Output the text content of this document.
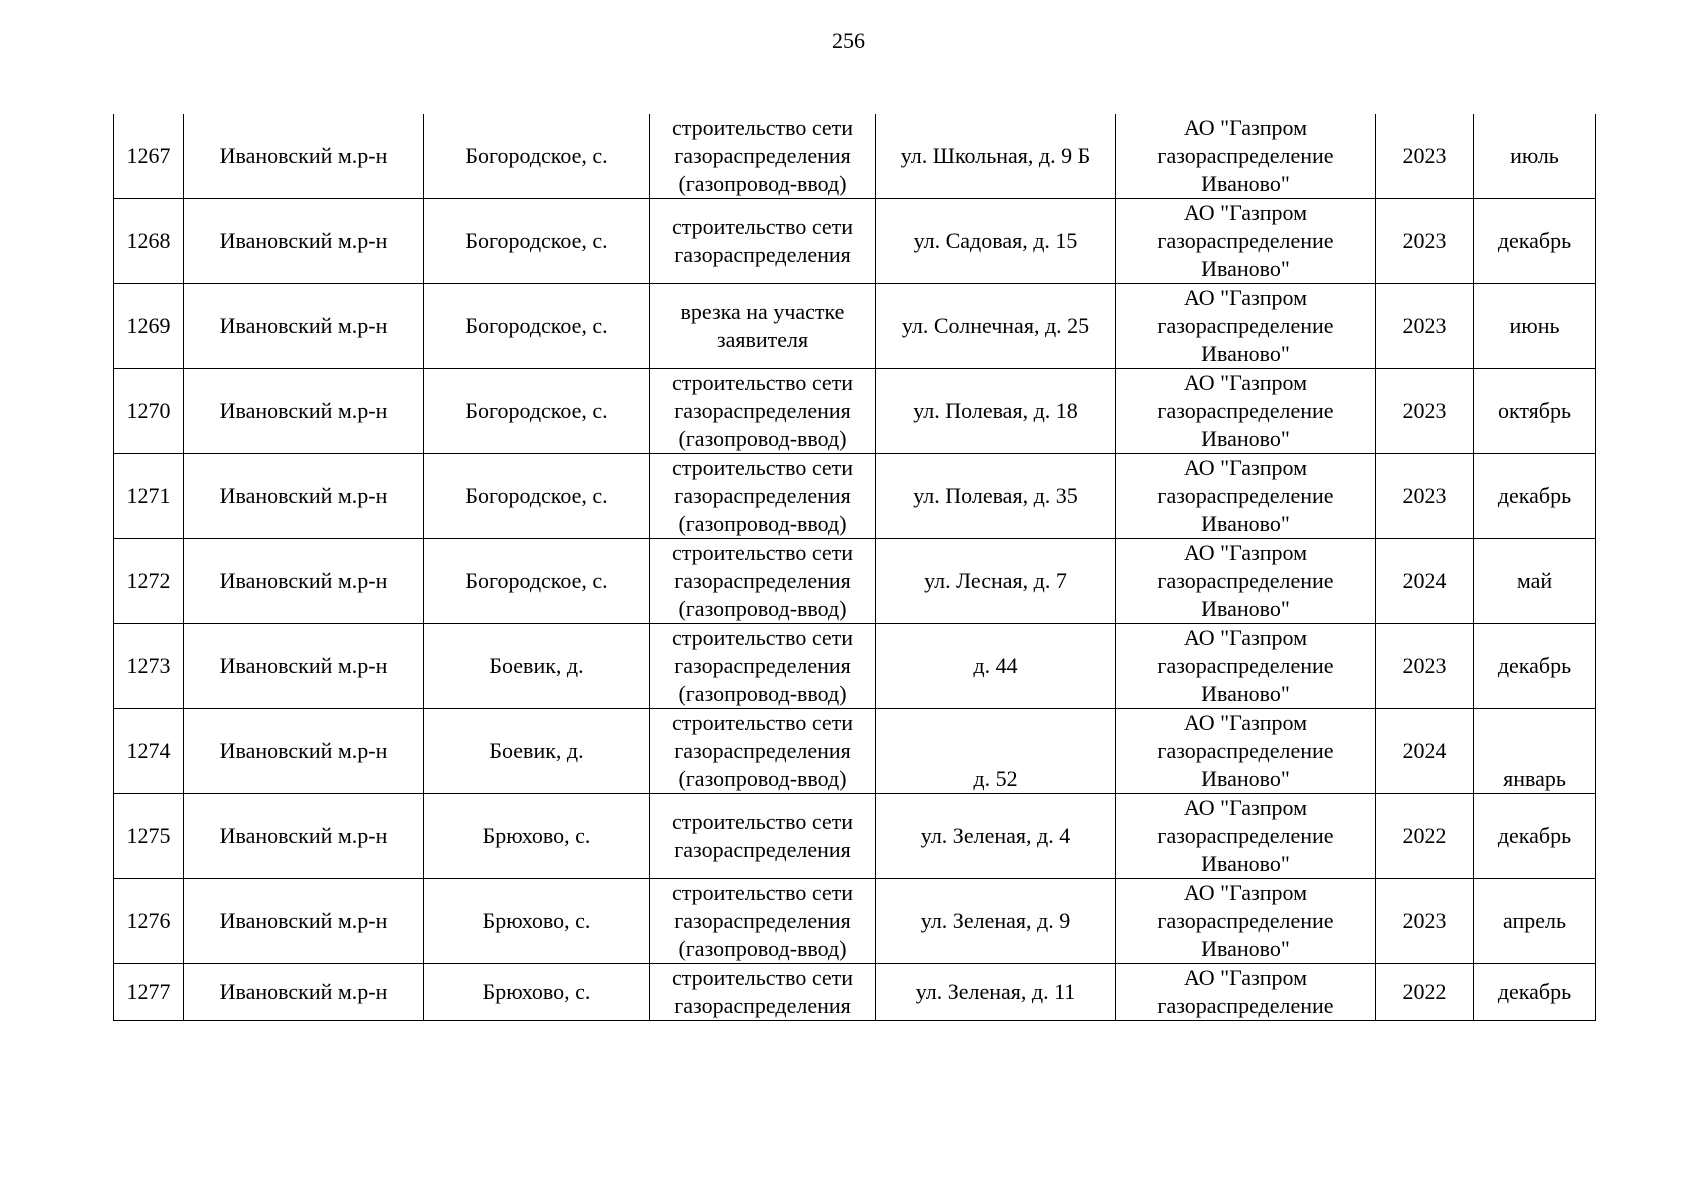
256
1267	Ивановский м.р-н	Богородское, с.	строительство сети
газораспределения
(газопровод-ввод)	ул. Школьная, д. 9 Б	АО "Газпром
газораспределение
Иваново"	2023	июль
1268	Ивановский м.р-н	Богородское, с.	строительство сети
газораспределения	ул. Садовая, д. 15	АО "Газпром
газораспределение
Иваново"	2023	декабрь
1269	Ивановский м.р-н	Богородское, с.	врезка на участке
заявителя	ул. Солнечная, д. 25	АО "Газпром
газораспределение
Иваново"	2023	июнь
1270	Ивановский м.р-н	Богородское, с.	строительство сети
газораспределения
(газопровод-ввод)	ул. Полевая, д. 18	АО "Газпром
газораспределение
Иваново"	2023	октябрь
1271	Ивановский м.р-н	Богородское, с.	строительство сети
газораспределения
(газопровод-ввод)	ул. Полевая, д. 35	АО "Газпром
газораспределение
Иваново"	2023	декабрь
1272	Ивановский м.р-н	Богородское, с.	строительство сети
газораспределения
(газопровод-ввод)	ул. Лесная, д. 7	АО "Газпром
газораспределение
Иваново"	2024	май
1273	Ивановский м.р-н	Боевик, д.	строительство сети
газораспределения
(газопровод-ввод)	д. 44	АО "Газпром
газораспределение
Иваново"	2023	декабрь
1274	Ивановский м.р-н	Боевик, д.	строительство сети
газораспределения
(газопровод-ввод)	д. 52	АО "Газпром
газораспределение
Иваново"	2024	январь
1275	Ивановский м.р-н	Брюхово, с.	строительство сети
газораспределения	ул. Зеленая, д. 4	АО "Газпром
газораспределение
Иваново"	2022	декабрь
1276	Ивановский м.р-н	Брюхово, с.	строительство сети
газораспределения
(газопровод-ввод)	ул. Зеленая, д. 9	АО "Газпром
газораспределение
Иваново"	2023	апрель
1277	Ивановский м.р-н	Брюхово, с.	строительство сети
газораспределения	ул. Зеленая, д. 11	АО "Газпром
газораспределение	2022	декабрь
